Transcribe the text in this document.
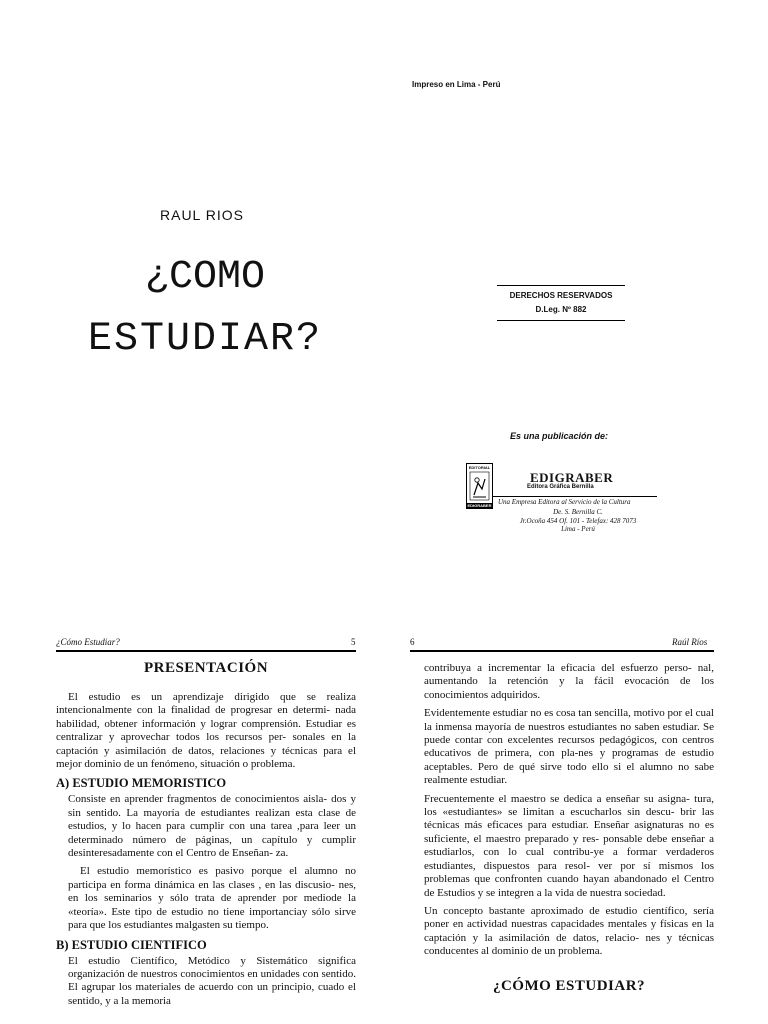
Impreso en Lima - Perú
RAUL RIOS
¿COMO
ESTUDIAR?
DERECHOS RESERVADOS
D.Leg. Nº 882
Es una publicación de:
EDITORIAL
EDIGRABER
EDIGRABER
Editora Gráfica Bernilla
Una Empresa Editora al Servicio de la Cultura
De. S. Bernilla C.
Jr.Ocoña 454 Of. 101 - Telefax: 428 7073
Lima - Perú
¿Cómo Estudiar?	5
PRESENTACIÓN

El estudio es un aprendizaje dirigido que se realiza intencionalmente con la finalidad de progresar en determi- nada habilidad, obtener información y lograr comprensión. Estudiar es centralizar y aprovechar todos los recursos per- sonales en la captación y asimilación de datos, relaciones y técnicas para el mejor dominio de un fenómeno, situación o problema.

A) ESTUDIO MEMORISTICO

Consiste en aprender fragmentos de conocimientos aisla- dos y sin sentido. La mayoría de estudiantes realizan esta clase de estudios, y lo hacen para cumplir con una tarea ,para leer un determinado número de páginas, un capítulo y cumplir desinteresadamente con el Centro de Enseñan- za.

El estudio memorístico es pasivo porque el alumno no participa en forma dinámica en las clases , en las discusio- nes, en los seminarios y sólo trata de aprender por mediode la «teoría». Este tipo de estudio no tiene importanciay sólo sirve para que los estudiantes malgasten su tiempo.

B) ESTUDIO CIENTIFICO

El estudio Científico, Metódico y Sistemático significa organización de nuestros conocimientos en unidades con sentido. El agrupar los materiales de acuerdo con un principio, cuado el sentido, y a la memoria

6	Raúl Ríos

contribuya a incrementar la eficacia del esfuerzo perso- nal, aumentando la retención y la fácil evocación de los conocimientos adquiridos.

Evidentemente estudiar no es cosa tan sencilla, motivo por el cual la inmensa mayoría de nuestros estudiantes no saben estudiar. Se puede contar con excelentes recursos pedagógicos, con centros educativos de primera, con pla-nes y programas de estudio aceptables. Pero de qué sirve todo ello si el alumno no sabe realmente estudiar.

Frecuentemente el maestro se dedica a enseñar su asigna- tura, los «estudiantes» se limitan a escucharlos sin descu- brir las técnicas más eficaces para estudiar. Enseñar asignaturas no es suficiente, el maestro preparado y res- ponsable debe enseñar a estudiarlos, con lo cual contribu-ye a formar verdaderos estudiantes, dispuestos para resol- ver por sí mismos los problemas que confronten cuando hayan abandonado el Centro de Estudios y se integren a la vida de nuestra sociedad.

Un concepto bastante aproximado de estudio científico, sería poner en actividad nuestras capacidades mentales y físicas en la captación y la asimilación de datos, relacio- nes y técnicas conducentes al dominio de un problema.

¿CÓMO ESTUDIAR?
